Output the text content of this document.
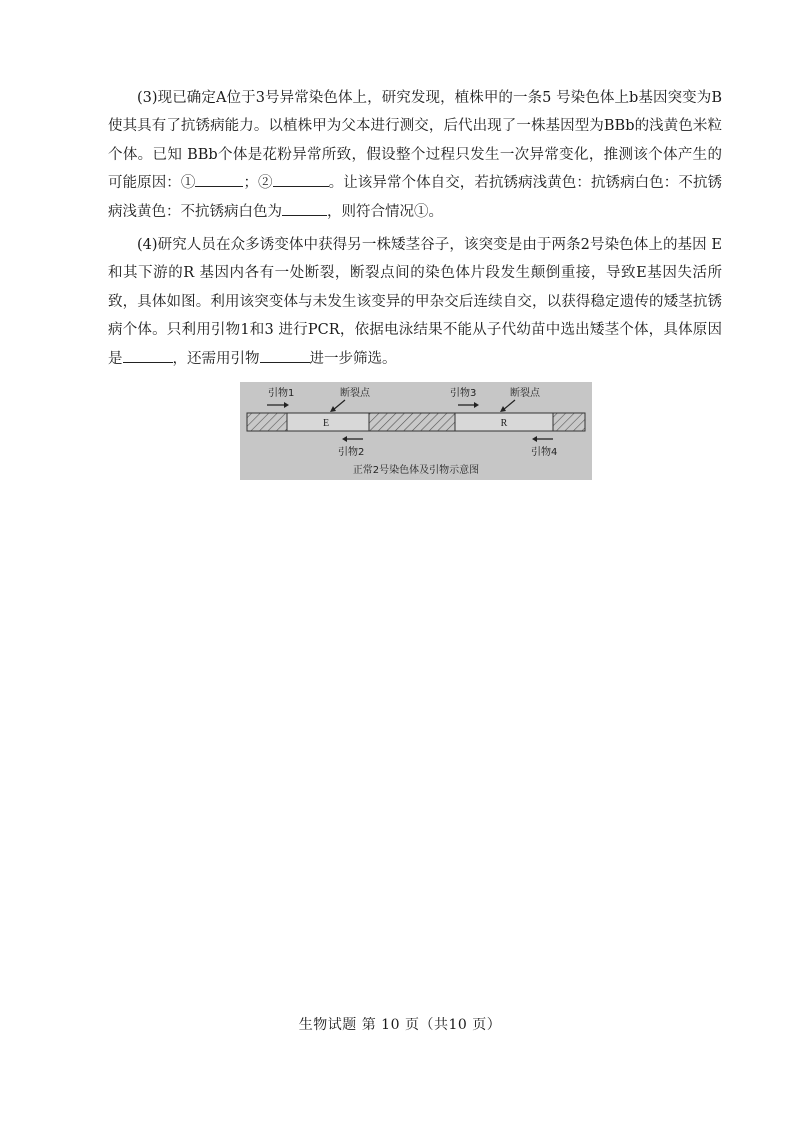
(3)现已确定A位于3号异常染色体上，研究发现，植株甲的一条5 号染色体上b基因突变为B使其具有了抗锈病能力。以植株甲为父本进行测交，后代出现了一株基因型为BBb的浅黄色米粒个体。已知 BBb个体是花粉异常所致，假设整个过程只发生一次异常变化，推测该个体产生的可能原因：①	；②	。让该异常个体自交，若抗锈病浅黄色：抗锈病白色：不抗锈病浅黄色：不抗锈病白色为	，则符合情况①。

(4)研究人员在众多诱变体中获得另一株矮茎谷子，该突变是由于两条2号染色体上的基因 E 和其下游的R 基因内各有一处断裂，断裂点间的染色体片段发生颠倒重接，导致E基因失活所致，具体如图。利用该突变体与未发生该变异的甲杂交后连续自交，以获得稳定遗传的矮茎抗锈病个体。只利用引物1和3 进行PCR，依据电泳结果不能从子代幼苗中选出矮茎个体，具体原因是	，还需用引物	进一步筛选。

E	R
引物1	断裂点	引物3	断裂点
引物2	引物4
正常2号染色体及引物示意图
生物试题 第 10 页（共10 页）
